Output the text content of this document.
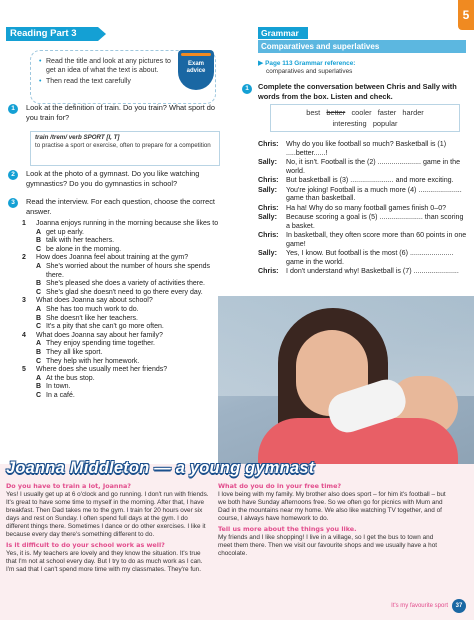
5
Reading Part 3
• Read the title and look at any pictures to get an idea of what the text is about.
• Then read the text carefully
Exam
advice
1	Look at the definition of train. Do you train? What sport do you train for?
train /trem/ verb SPORT [I, T]
to practise a sport or exercise, often to prepare for a competition
2	Look at the photo of a gymnast. Do you like watching gymnastics? Do you do gymnastics in school?
3	Read the interview. For each question, choose the correct answer.
1	Joanna enjoys running in the morning because she likes to
A get up early.
B talk with her teachers.
C be alone in the morning.
2	How does Joanna feel about training at the gym?
A She's worried about the number of hours she spends there.
B She's pleased she does a variety of activities there.
C She's glad she doesn't need to go there every day.
3	What does Joanna say about school?
A She has too much work to do.
B She doesn't like her teachers.
C It's a pity that she can't go more often.
4	What does Joanna say about her family?
A They enjoy spending time together.
B They all like sport.
C They help with her homework.
5	Where does she usually meet her friends?
A At the bus stop.
B In town.
C In a café.
Grammar
Comparatives and superlatives
▶ Page 113 Grammar reference:
comparatives and superlatives
1	Complete the conversation between Chris and Sally with words from the box. Listen and check.
best better cooler faster harder
interesting popular
Chris:	Why do you like football so much? Basketball is (1) .....better......!
Sally:	No, it isn't. Football is the (2) ...................... game in the world.
Chris:	But basketball is (3) ...................... and more exciting.
Sally:	You're joking! Football is a much more (4) ...................... game than basketball.
Chris:	Ha ha! Why do so many football games finish 0–0?
Sally:	Because scoring a goal is (5) ...................... than scoring a basket.
Chris:	In basketball, they often score more than 60 points in one game!
Sally:	Yes, I know. But football is the most (6) ...................... game in the world.
Chris:	I don't understand why! Basketball is (7) .......................
Joanna Middleton — a young gymnast
Do you have to train a lot, Joanna?

Yes! I usually get up at 6 o'clock and go running. I don't run with friends. It's great to have some time to myself in the morning. After that, I have breakfast. Then Dad takes me to the gym. I train for 20 hours over six days and rest on Sunday. I often spend full days at the gym. I do different things there. Sometimes I dance or do other exercises. I like it because every day there's something different to do.

Is it difficult to do your school work as well?

Yes, it is. My teachers are lovely and they know the situation. It's true that I'm not at school every day. But I try to do as much work as I can. I'm sad that I can't spend more time with my classmates. They're fun.

What do you do in your free time?

I love being with my family. My brother also does sport – for him it's football – but we both have Sunday afternoons free. So we often go for picnics with Mum and Dad in the mountains near my home. We also like watching TV together, and of course, I always have homework to do.

Tell us more about the things you like.

My friends and I like shopping! I live in a village, so I get the bus to town and meet them there. Then we visit our favourite shops and we usually have a hot chocolate.

It's my favourite sport	37
